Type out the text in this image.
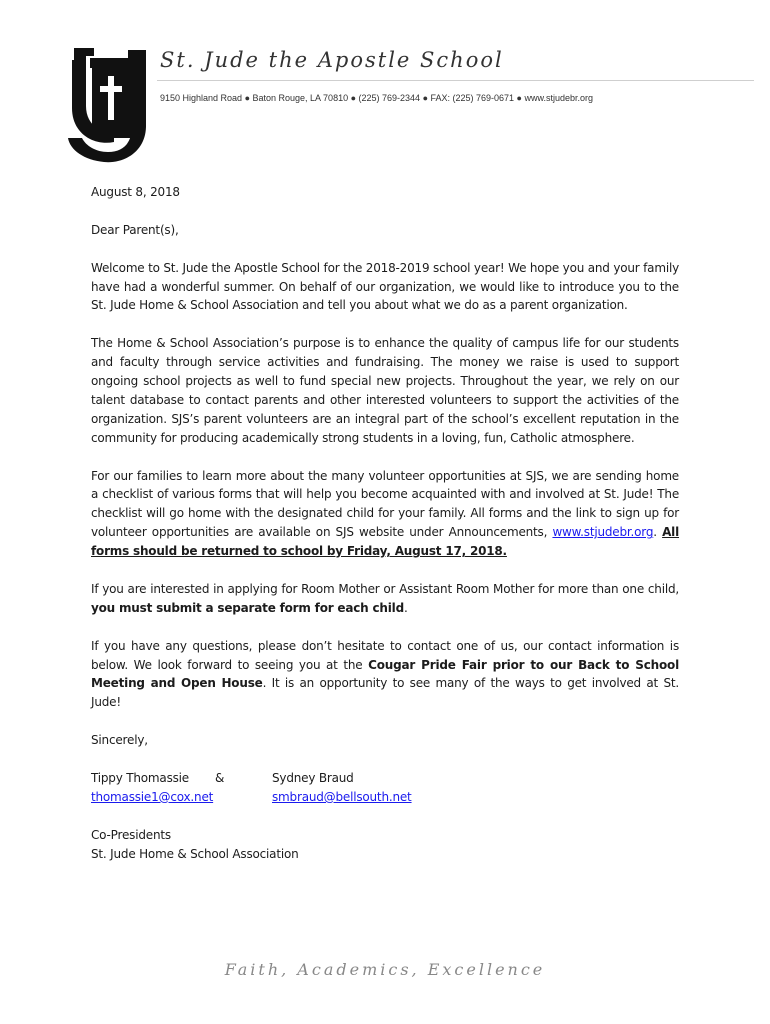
St. Jude the Apostle School
9150 Highland Road ● Baton Rouge, LA 70810 ● (225) 769-2344 ● FAX: (225) 769-0671 ● www.stjudebr.org

August 8, 2018

Dear Parent(s),

Welcome to St. Jude the Apostle School for the 2018-2019 school year! We hope you and your family have had a wonderful summer. On behalf of our organization, we would like to introduce you to the St. Jude Home & School Association and tell you about what we do as a parent organization.

The Home & School Association’s purpose is to enhance the quality of campus life for our students and faculty through service activities and fundraising. The money we raise is used to support ongoing school projects as well to fund special new projects. Throughout the year, we rely on our talent database to contact parents and other interested volunteers to support the activities of the organization. SJS’s parent volunteers are an integral part of the school’s excellent reputation in the community for producing academically strong students in a loving, fun, Catholic atmosphere.

For our families to learn more about the many volunteer opportunities at SJS, we are sending home a checklist of various forms that will help you become acquainted with and involved at St. Jude! The checklist will go home with the designated child for your family. All forms and the link to sign up for volunteer opportunities are available on SJS website under Announcements, www.stjudebr.org. All forms should be returned to school by Friday, August 17, 2018.

If you are interested in applying for Room Mother or Assistant Room Mother for more than one child, you must submit a separate form for each child.

If you have any questions, please don’t hesitate to contact one of us, our contact information is below. We look forward to seeing you at the Cougar Pride Fair prior to our Back to School Meeting and Open House. It is an opportunity to see many of the ways to get involved at St. Jude!

Sincerely,

Tippy Thomassie	&	Sydney Braud
thomassie1@cox.net	smbraud@bellsouth.net
Co-Presidents
St. Jude Home & School Association
Faith, Academics, Excellence
